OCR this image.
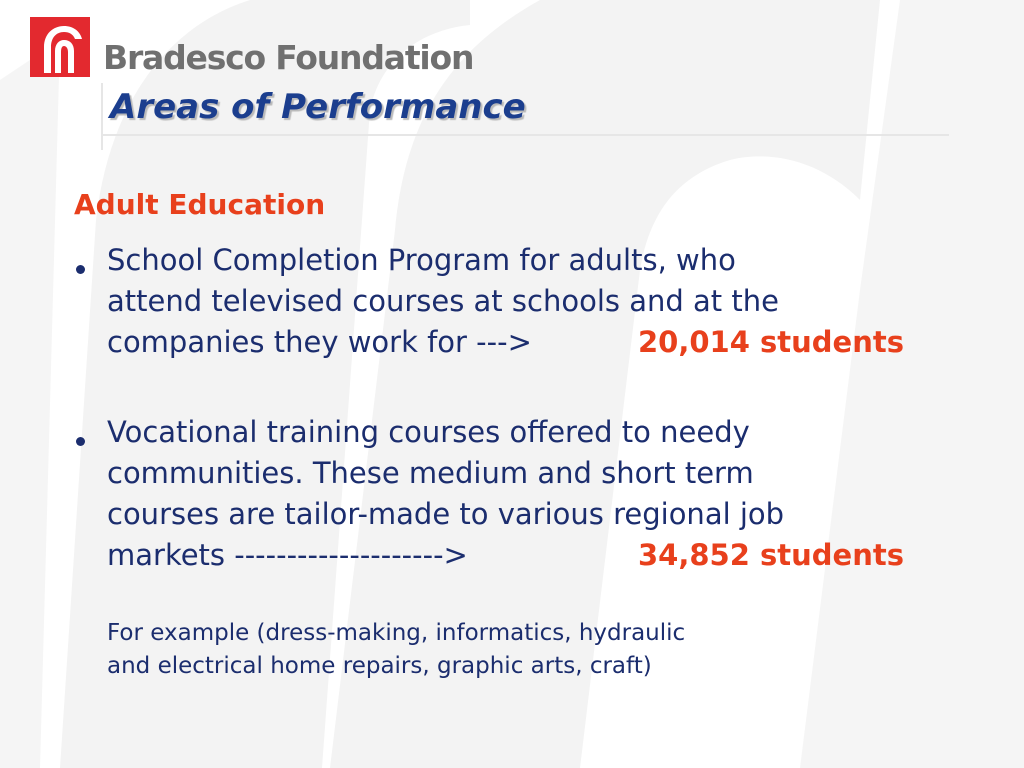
Bradesco Foundation
Areas of Performance
Adult Education
School Completion Program for adults, who
attend televised courses at schools and at the
companies they work for --->	20,014 students
Vocational training courses offered to needy
communities. These medium and short term
courses are tailor-made to various regional job
markets -------------------->	34,852 students
For example (dress-making, informatics, hydraulic
and electrical home repairs, graphic arts, craft)
